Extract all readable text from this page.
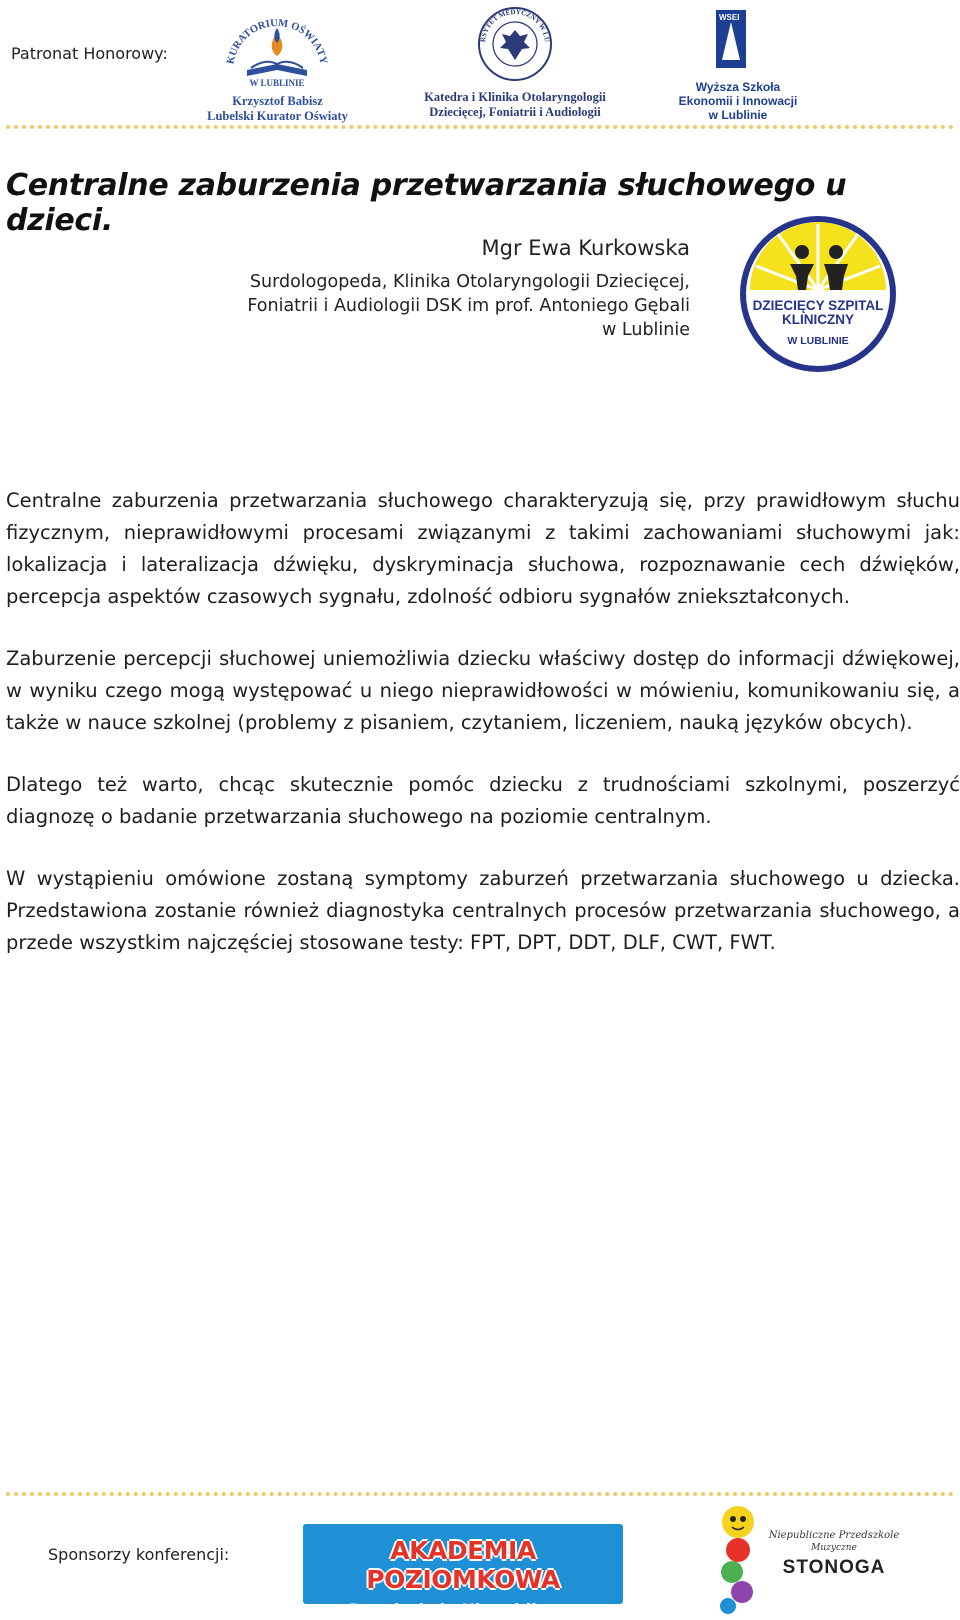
Patronat Honorowy:	KURATORIUM OŚWIATY
W LUBLINIE
Krzysztof Babisz
Lubelski Kurator Oświaty
RSYTET MEDYCZNY W LU
Katedra i Klinika Otolaryngologii
Dziecięcej, Foniatrii i Audiologii
WSEI
Wyższa Szkoła
Ekonomii i Innowacji
w Lublinie
Centralne zaburzenia przetwarzania słuchowego u dzieci.
Mgr Ewa Kurkowska
Surdologopeda, Klinika Otolaryngologii Dziecięcej,
Foniatrii i Audiologii DSK im prof. Antoniego Gębali
w Lublinie
DZIECIĘCY SZPITAL
KLINICZNY
W LUBLINIE

Centralne zaburzenia przetwarzania słuchowego charakteryzują się, przy prawidłowym słuchu fizycznym, nieprawidłowymi procesami związanymi z takimi zachowaniami słuchowymi jak: lokalizacja i lateralizacja dźwięku, dyskryminacja słuchowa, rozpoznawanie cech dźwięków, percepcja aspektów czasowych sygnału, zdolność odbioru sygnałów zniekształconych.

Zaburzenie percepcji słuchowej uniemożliwia dziecku właściwy dostęp do informacji dźwiękowej, w wyniku czego mogą występować u niego nieprawidłowości w mówieniu, komunikowaniu się, a także w nauce szkolnej (problemy z pisaniem, czytaniem, liczeniem, nauką języków obcych).

Dlatego też warto, chcąc skutecznie pomóc dziecku z trudnościami szkolnymi, poszerzyć diagnozę o badanie przetwarzania słuchowego na poziomie centralnym.

W wystąpieniu omówione zostaną symptomy zaburzeń przetwarzania słuchowego u dziecka. Przedstawiona zostanie również diagnostyka centralnych procesów przetwarzania słuchowego, a przede wszystkim najczęściej stosowane testy: FPT, DPT, DDT, DLF, CWT, FWT.

Sponsorzy konferencji:	AKADEMIA POZIOMKOWA
Przedszkole Niepubliczne
Niepubliczne Przedszkole
Muzyczne
STONOGA
